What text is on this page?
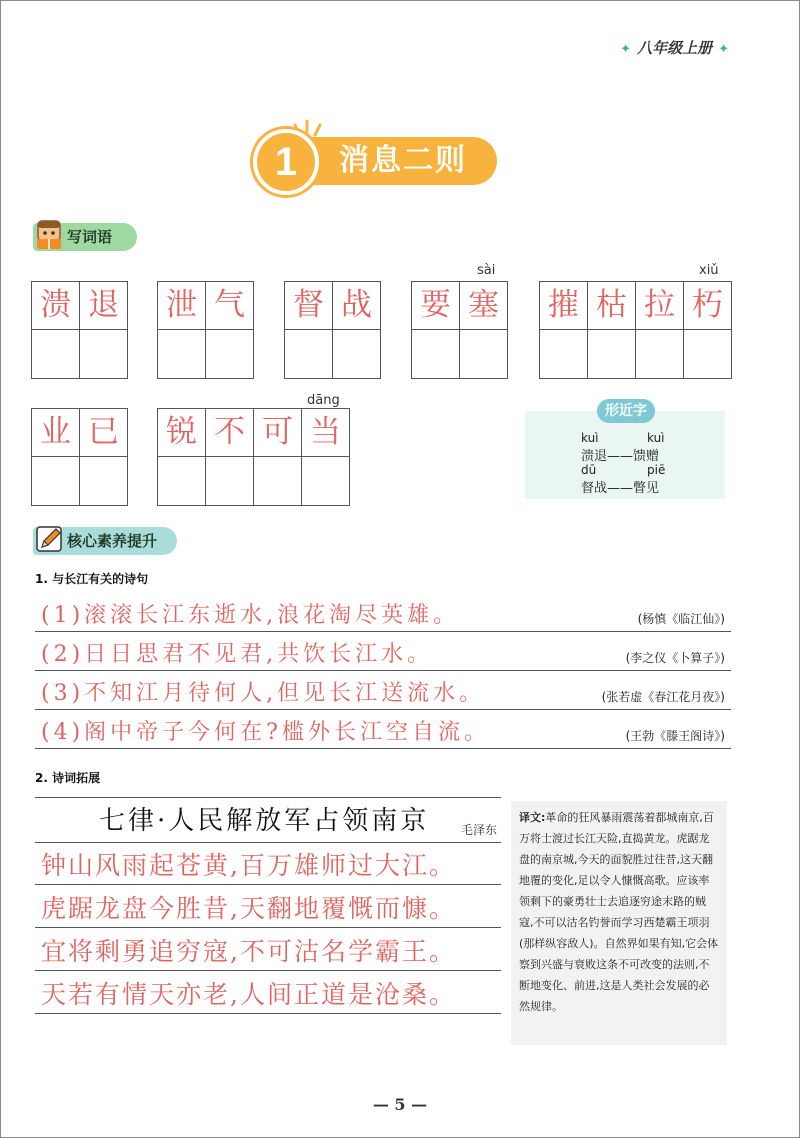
✦ 八年级上册 ✦
1	消息二则
写词语
溃 退 泄 气 督 战
sài
要 塞
xiǔ
摧 枯 拉 朽
业 已
dāng
锐 不 可 当
形近字
kuì	kuì
溃退——馈赠
dū	piē
督战——瞥见
核心素养提升
1. 与长江有关的诗句
(1)滚滚长江东逝水,浪花淘尽英雄。	(杨慎《临江仙》)
(2)日日思君不见君,共饮长江水。	(李之仪《卜算子》)
(3)不知江月待何人,但见长江送流水。	(张若虚《春江花月夜》)
(4)阁中帝子今何在?槛外长江空自流。	(王勃《滕王阁诗》)
2. 诗词拓展
七律·人民解放军占领南京	毛泽东
钟山风雨起苍黄,百万雄师过大江。
虎踞龙盘今胜昔,天翻地覆慨而慷。
宜将剩勇追穷寇,不可沽名学霸王。
天若有情天亦老,人间正道是沧桑。
译文:革命的狂风暴雨震荡着都城南京,百万将士渡过长江天险,直捣黄龙。虎踞龙盘的南京城,今天的面貌胜过往昔,这天翻地覆的变化,足以令人慷慨高歌。应该率领剩下的豪勇壮士去追逐穷途末路的贼寇,不可以沽名钓誉而学习西楚霸王项羽(那样纵容敌人)。自然界如果有知,它会体察到兴盛与衰败这条不可改变的法则,不断地变化、前进,这是人类社会发展的必然规律。
— 5 —
